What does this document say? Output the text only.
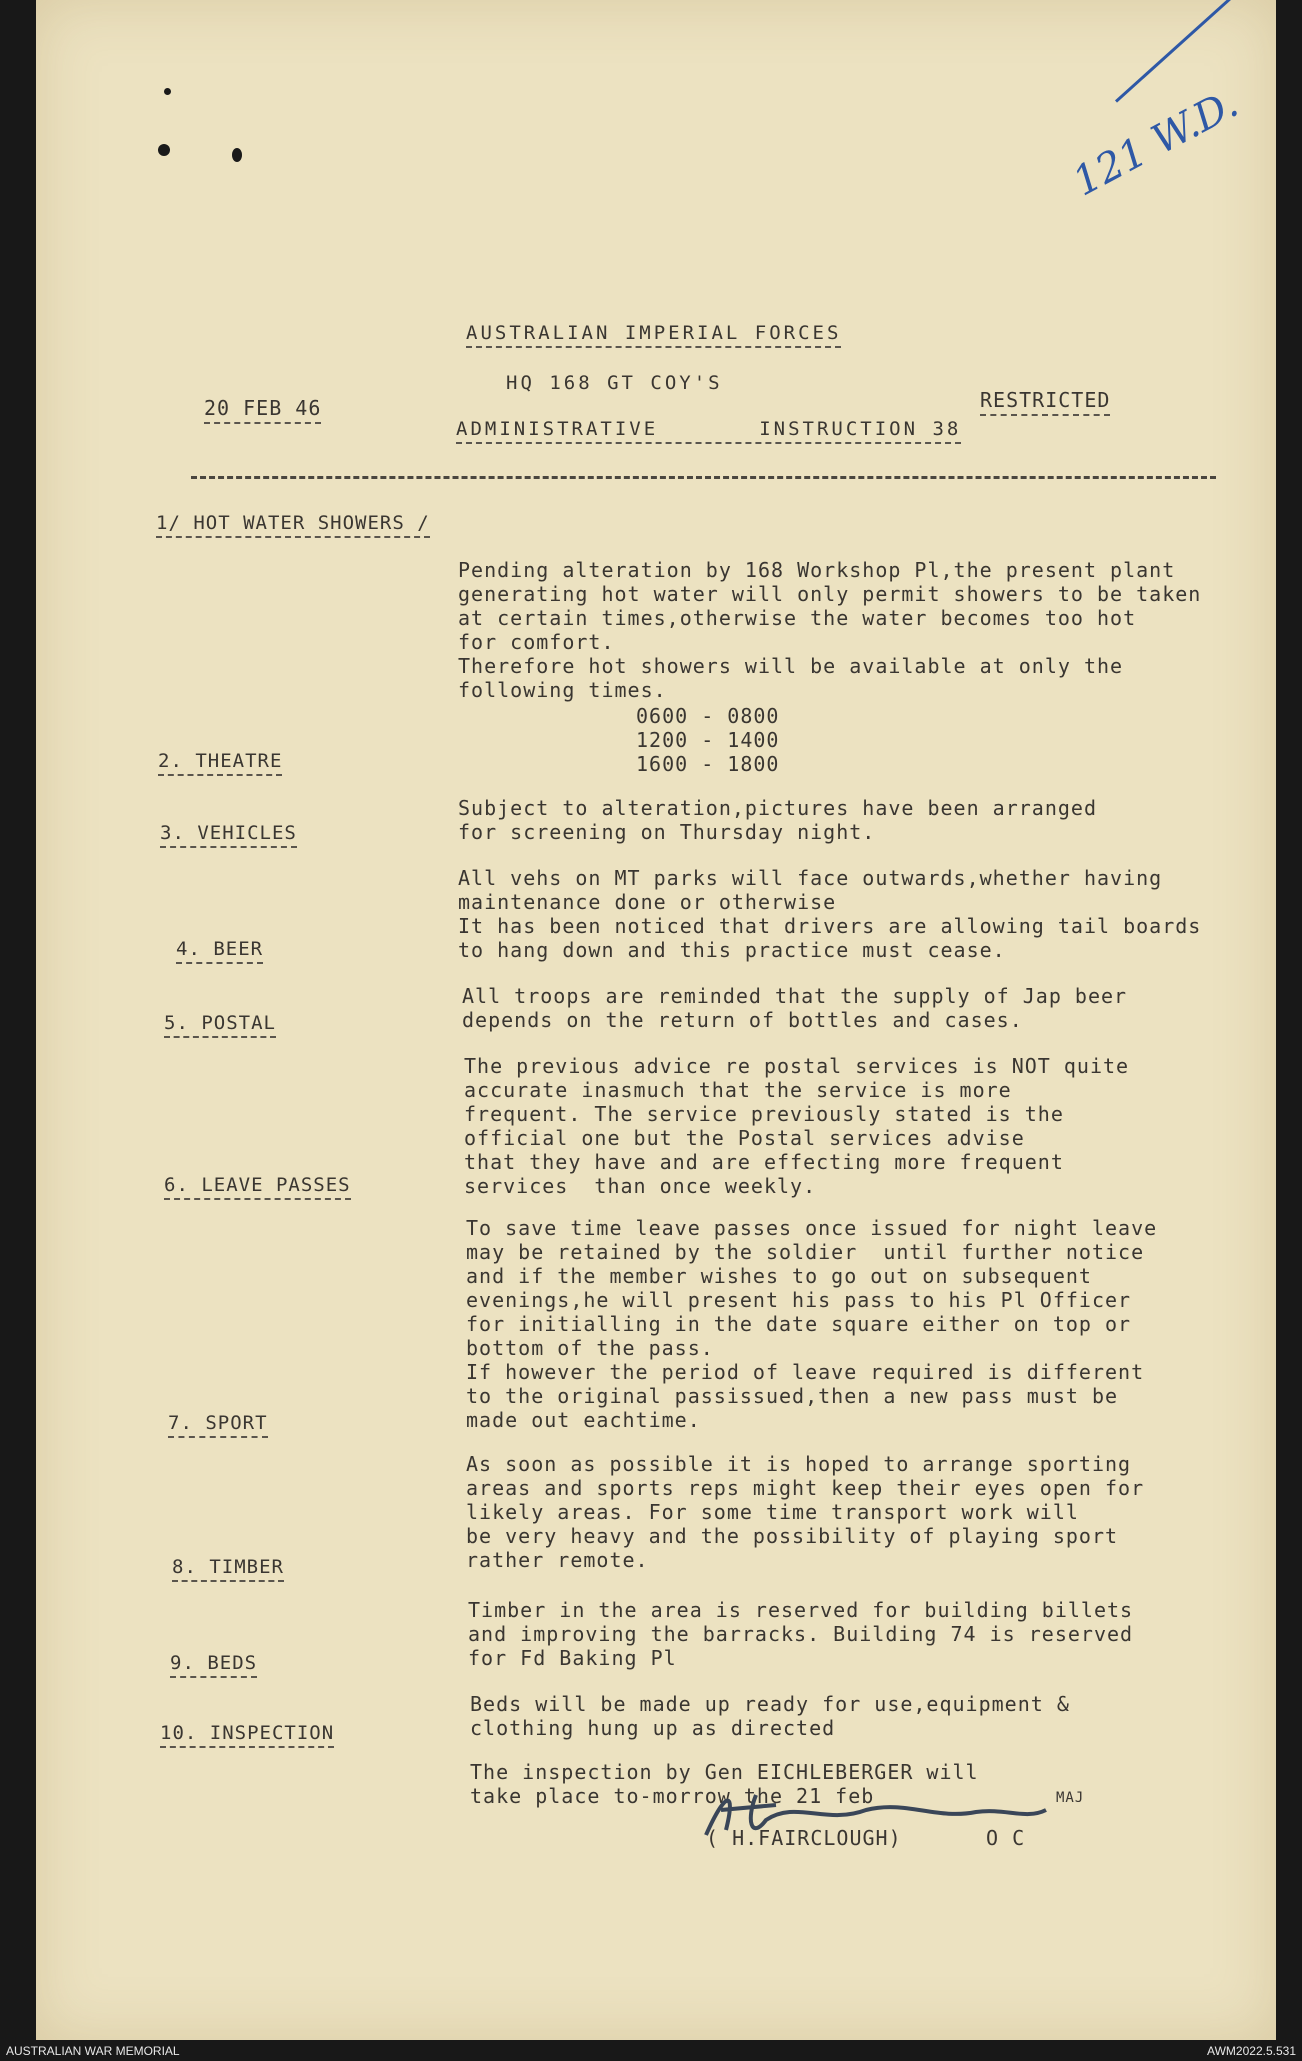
121 W.D.
AUSTRALIAN IMPERIAL FORCES
HQ 168 GT COY'S
ADMINISTRATIVE       INSTRUCTION 38
20 FEB 46	RESTRICTED
1/ HOT WATER SHOWERS /

Pending alteration by 168 Workshop Pl,the present plant

generating hot water will only permit showers to be taken

at certain times,otherwise the water becomes too hot

for comfort.

Therefore hot showers will be available at only the

following times.

0600 - 0800

1200 - 1400

1600 - 1800

2. THEATRE

Subject to alteration,pictures have been arranged

for screening on Thursday night.

3. VEHICLES

All vehs on MT parks will face outwards,whether having

maintenance done or otherwise

It has been noticed that drivers are allowing tail boards

to hang down and this practice must cease.

4. BEER

All troops are reminded that the supply of Jap beer

depends on the return of bottles and cases.

5. POSTAL

The previous advice re postal services is NOT quite

accurate inasmuch that the service is more

frequent. The service previously stated is the

official one but the Postal services advise

that they have and are effecting more frequent

services  than once weekly.

6. LEAVE PASSES

To save time leave passes once issued for night leave

may be retained by the soldier  until further notice

and if the member wishes to go out on subsequent

evenings,he will present his pass to his Pl Officer

for initialling in the date square either on top or

bottom of the pass.

If however the period of leave required is different

to the original passissued,then a new pass must be

made out eachtime.

7. SPORT

As soon as possible it is hoped to arrange sporting

areas and sports reps might keep their eyes open for

likely areas. For some time transport work will

be very heavy and the possibility of playing sport

rather remote.

8. TIMBER

Timber in the area is reserved for building billets

and improving the barracks. Building 74 is reserved

for Fd Baking Pl

9. BEDS

Beds will be made up ready for use,equipment &

clothing hung up as directed

10. INSPECTION

The inspection by Gen EICHLEBERGER will

take place to-morrow the 21 feb

	MAJ
( H.FAIRCLOUGH)	O C
AUSTRALIAN WAR MEMORIAL	AWM2022.5.531
